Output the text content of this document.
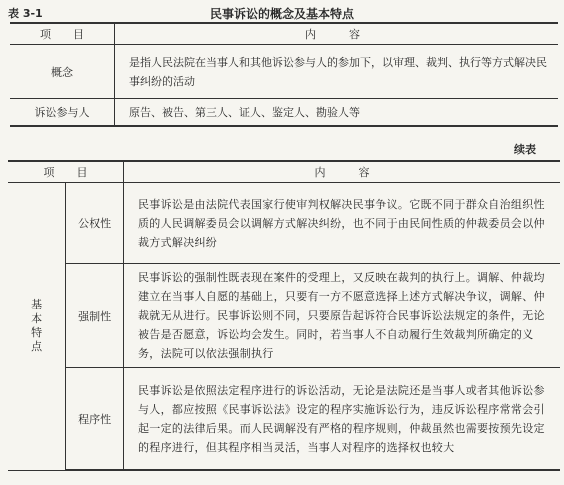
表 3-1	民事诉讼的概念及基本特点
项　　目	内　　　容
概念	是指人民法院在当事人和其他诉讼参与人的参加下，以审理、裁判、执行等方式解决民事纠纷的活动
诉讼参与人	原告、被告、第三人、证人、鉴定人、勘验人等
续表
项　　目		内　　　容
基本特点	公权性	民事诉讼是由法院代表国家行使审判权解决民事争议。它既不同于群众自治组织性质的人民调解委员会以调解方式解决纠纷，也不同于由民间性质的仲裁委员会以仲裁方式解决纠纷
	强制性	民事诉讼的强制性既表现在案件的受理上，又反映在裁判的执行上。调解、仲裁均建立在当事人自愿的基础上，只要有一方不愿意选择上述方式解决争议，调解、仲裁就无从进行。民事诉讼则不同，只要原告起诉符合民事诉讼法规定的条件，无论被告是否愿意，诉讼均会发生。同时，若当事人不自动履行生效裁判所确定的义务，法院可以依法强制执行
	程序性	民事诉讼是依照法定程序进行的诉讼活动，无论是法院还是当事人或者其他诉讼参与人，都应按照《民事诉讼法》设定的程序实施诉讼行为，违反诉讼程序常常会引起一定的法律后果。而人民调解没有严格的程序规则，仲裁虽然也需要按预先设定的程序进行，但其程序相当灵活，当事人对程序的选择权也较大
